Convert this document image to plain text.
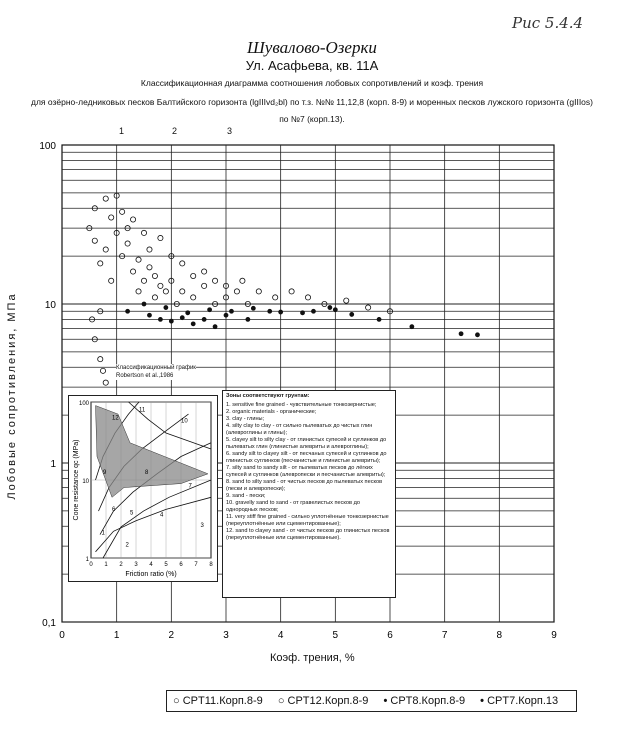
Рис 5.4.4
Шувалово-Озерки
Ул. Асафьева, кв. 11А
Классификационная диаграмма соотношения лобовых сопротивлений и коэф. трения
для озёрно-ледниковых песков Балтийского горизонта (lgIIIvd₂bl) по т.з. №№ 11,12,8 (корп. 8-9) и моренных песков лужского горизонта (gIIIos)
по №7 (корп.13).
1	2	3
0	1	2	3	4	5	6	7	8	9
0,1
1
10
100
Лобовые сопротивления, МПа
Коэф. трения, %
Классификационный график
Robertson et al.,1986
1
10
100
0 1 2 3 4 5 6 7 8
12
11
10
9	8
7
6
5	4
3
2
1
Friction ratio (%)
Cone resistance qc (MPa)
Зоны соответствуют грунтам:
1. sensitive fine grained - чувствительные тонкозернистые;
2. organic materials - органические;
3. clay - глины;
4. silty clay to clay - от сильно пылеватых до чистых глин (алевроглины и глины);
5. clayey silt to silty clay - от глинистых супесей и суглинков до пылеватых глин (глинистые алевриты и алевроглины);
6. sandy silt to clayey silt - от песчаных супесей и суглинков до глинистых суглинков (песчанистые и глинистые алевриты);
7. silty sand to sandy silt - от пылеватых песков до лёгких супесей и суглинков (алевропески и песчанистые алевриты);
8. sand to silty sand - от чистых песков до пылеватых песков (пески и алевропески);
9. sand - пески;
10. gravelly sand to sand - от гравелистых песков до однородных песков;
11. very stiff fine grained - сильно уплотнённые тонкозернистые (переуплотнённые или сцементированные);
12. sand to clayey sand - от чистых песков до глинистых песков (переуплотнённые или сцементированные).
○ CPT11.Корп.8-9 ○ CPT12.Корп.8-9 • CPT8.Корп.8-9 • CPT7.Корп.13
